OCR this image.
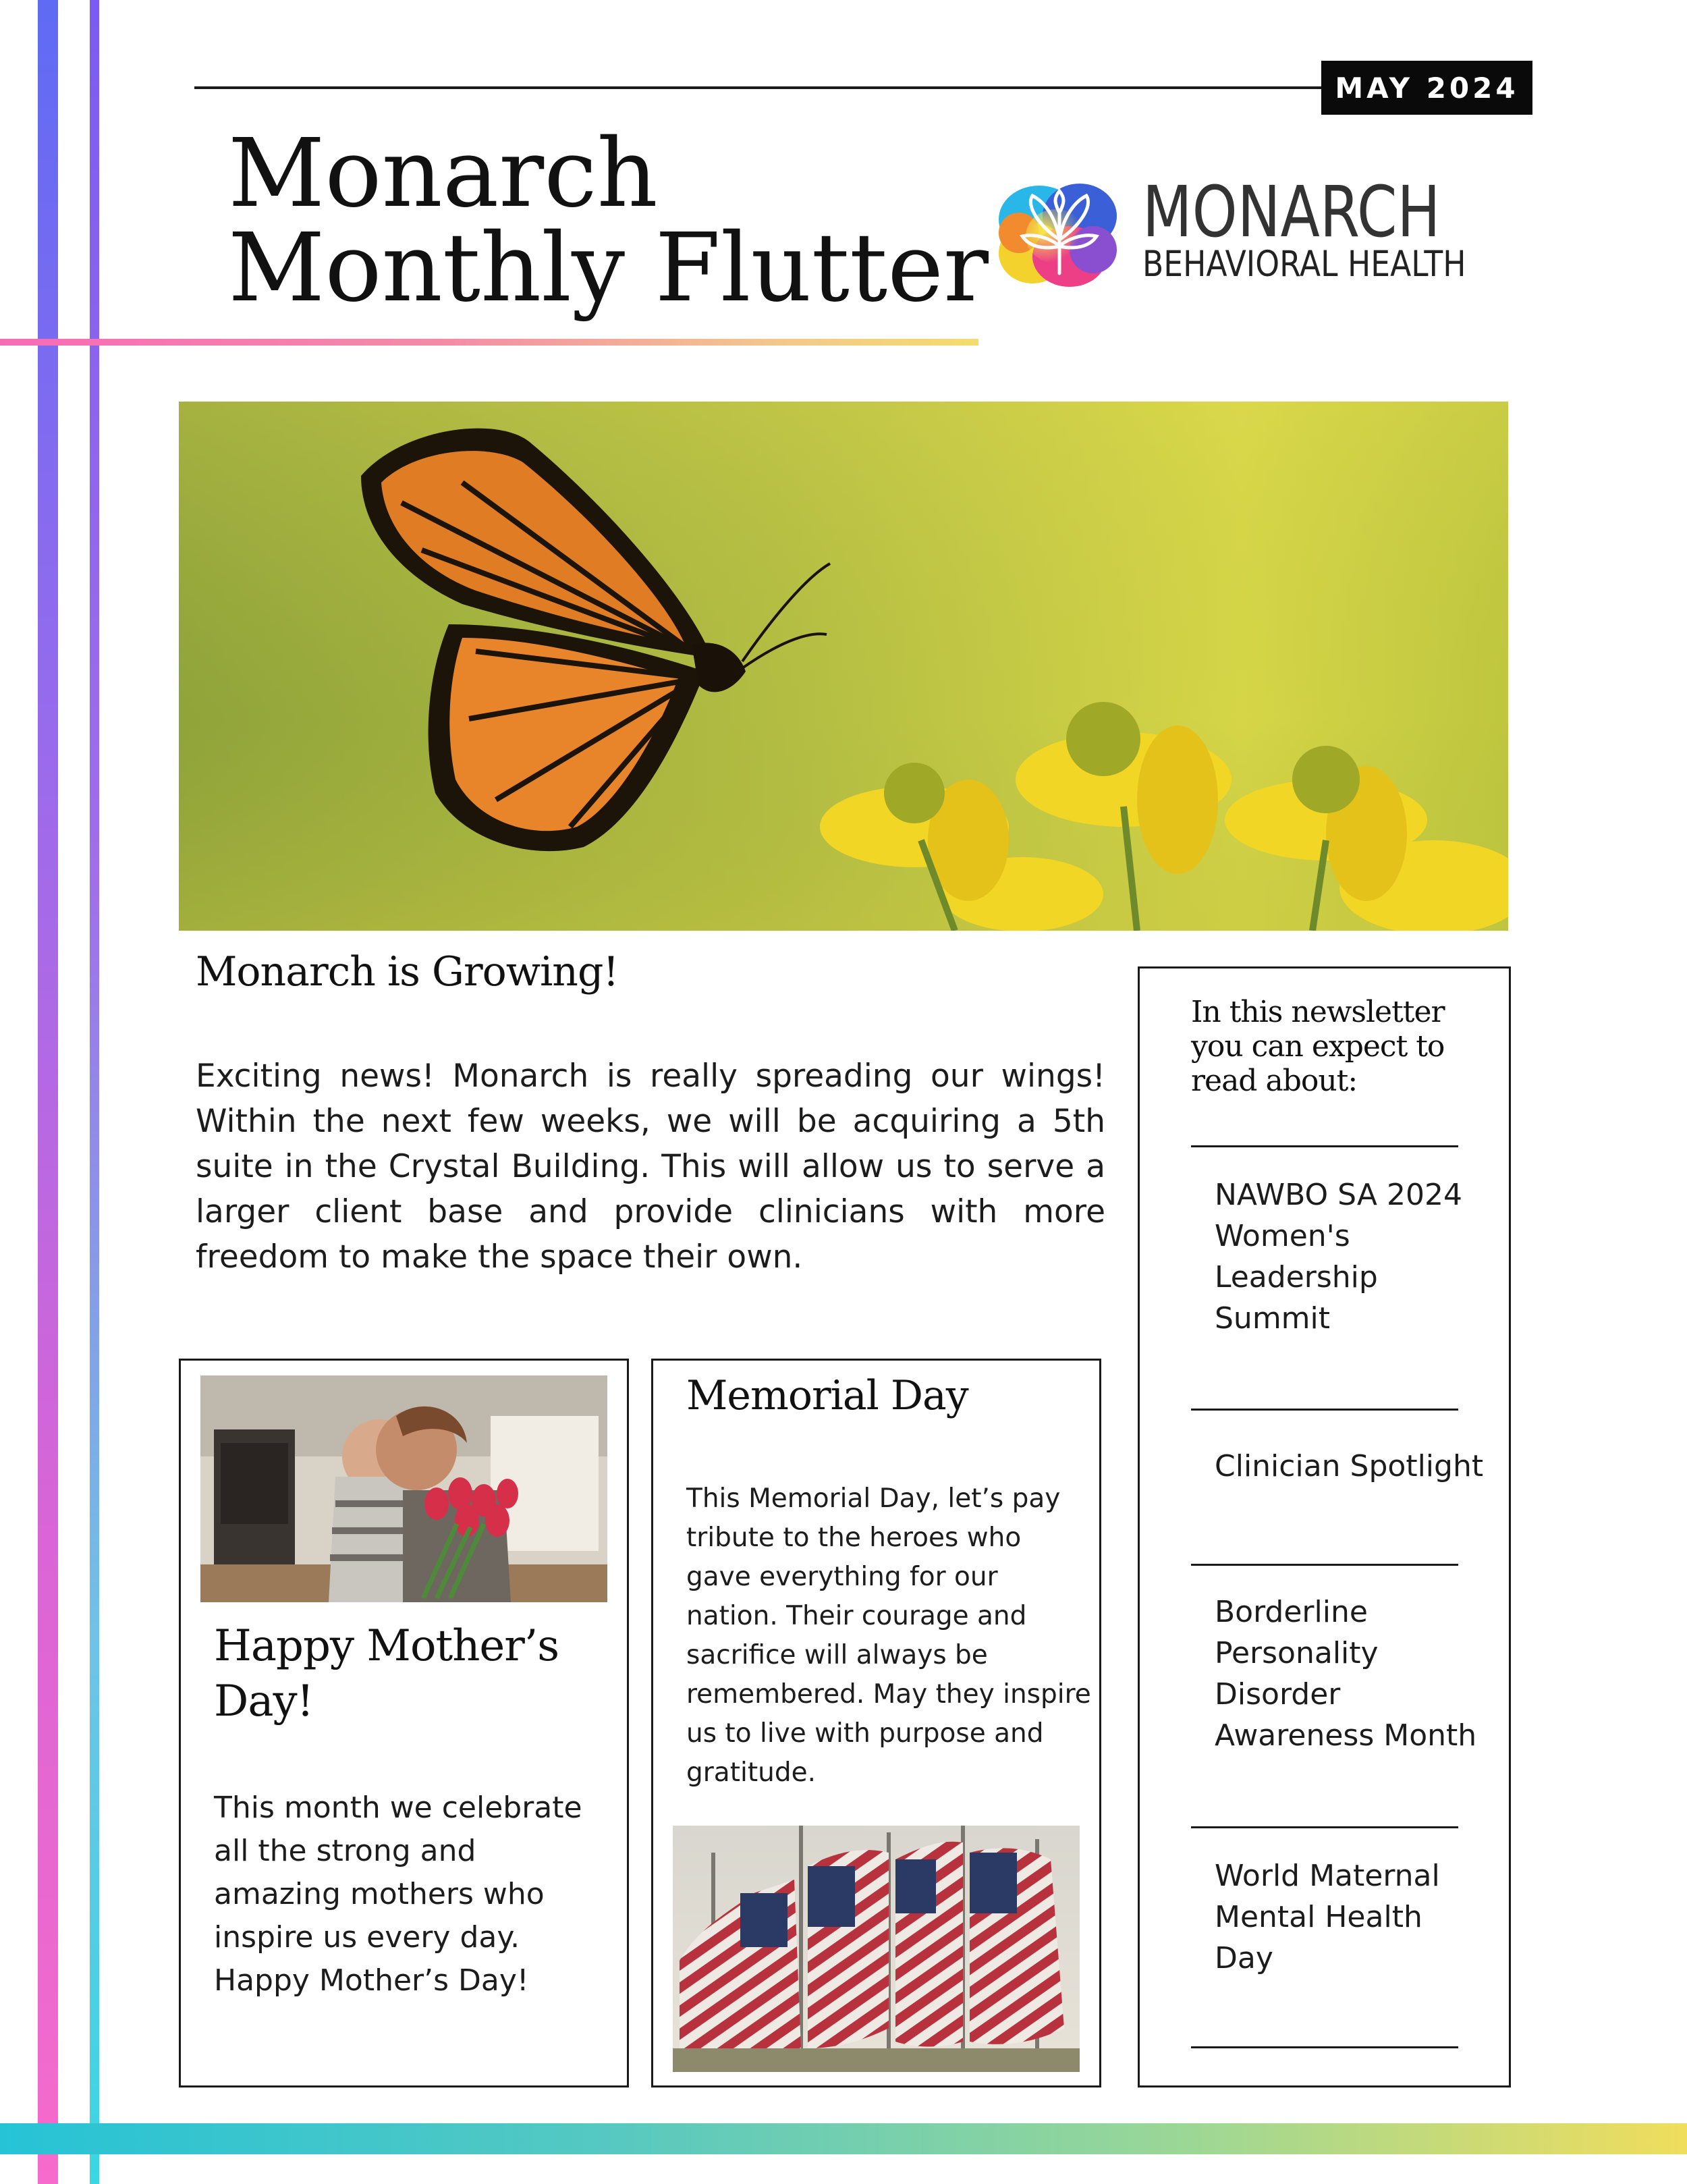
MAY 2024
Monarch
Monthly Flutter
MONARCH
BEHAVIORAL HEALTH
Monarch is Growing!
Exciting news! Monarch is really spreading our wings! Within the next few weeks, we will be acquiring a 5th suite in the Crystal Building. This will allow us to serve a larger client base and provide clinicians with more freedom to make the space their own.
Happy Mother’s
Day!
This month we celebrate all the strong and amazing mothers who inspire us every day. Happy Mother’s Day!
Memorial Day
This Memorial Day, let’s pay tribute to the heroes who gave everything for our nation. Their courage and sacrifice will always be remembered. May they inspire us to live with purpose and gratitude.
In this newsletter you can expect to read about:
NAWBO SA 2024 Women's Leadership Summit
Clinician Spotlight
Borderline Personality Disorder Awareness Month
World Maternal Mental Health Day
